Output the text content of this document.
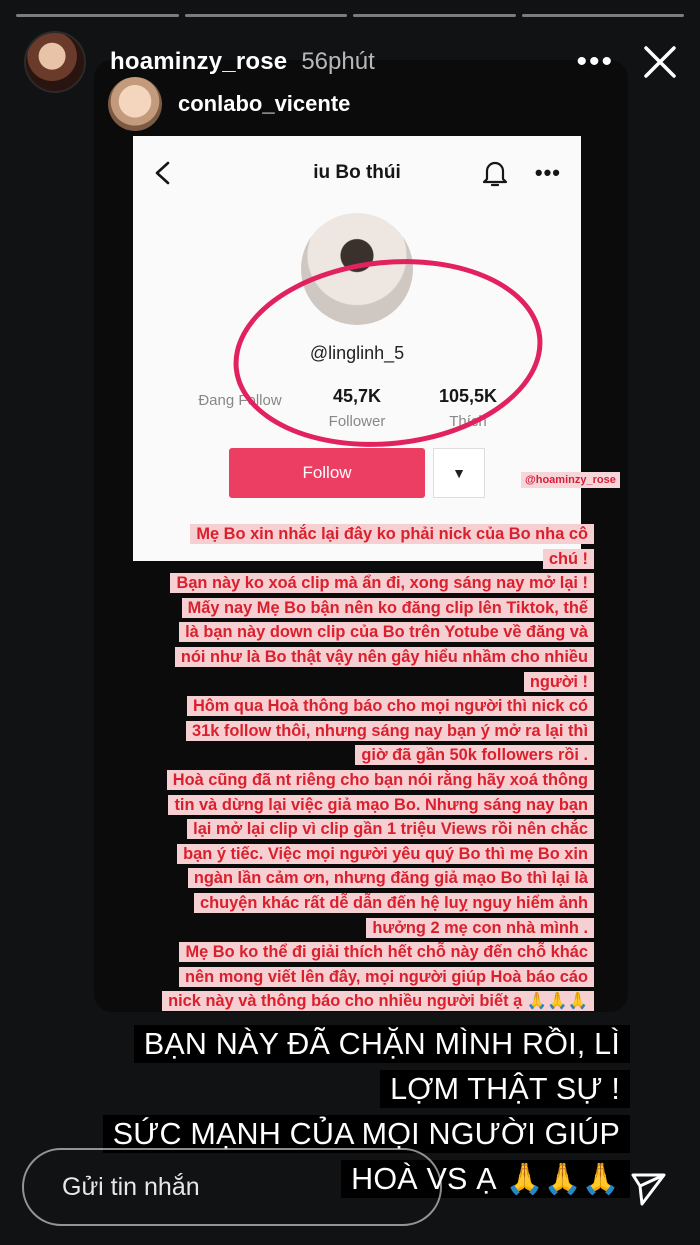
hoaminzy_rose 56phút	•••
conlabo_vicente
iu Bo thúi	•••
@linglinh_5
Đang Follow	45,7K
Follower
105,5K
Thích
Follow	▼	@hoaminzy_rose
Mẹ Bo xin nhắc lại đây ko phải nick của Bo nha cô
chú !
Bạn này ko xoá clip mà ẩn đi, xong sáng nay mở lại !
Mấy nay Mẹ Bo bận nên ko đăng clip lên Tiktok, thế
là bạn này down clip của Bo trên Yotube về đăng và
nói như là Bo thật vậy nên gây hiểu nhầm cho nhiều
người !
Hôm qua Hoà thông báo cho mọi người thì nick có
31k follow thôi, nhưng sáng nay bạn ý mở ra lại thì
giờ đã gần 50k followers rồi .
Hoà cũng đã nt riêng cho bạn nói rằng hãy xoá thông
tin và dừng lại việc giả mạo Bo. Nhưng sáng nay bạn
lại mở lại clip vì clip gần 1 triệu Views rồi nên chắc
bạn ý tiếc. Việc mọi người yêu quý Bo thì mẹ Bo xin
ngàn lần cảm ơn, nhưng đăng giả mạo Bo thì lại là
chuyện khác rất dễ dẫn đến hệ luỵ nguy hiểm ảnh
hưởng 2 mẹ con nhà mình .
Mẹ Bo ko thể đi giải thích hết chỗ này đến chỗ khác
nên mong viết lên đây, mọi người giúp Hoà báo cáo
nick này và thông báo cho nhiều người biết ạ 🙏🙏🙏
BẠN NÀY ĐÃ CHẶN MÌNH RỒI, LÌ
LỢM THẬT SỰ !
SỨC MẠNH CỦA MỌI NGƯỜI GIÚP
HOÀ VS Ạ 🙏🙏🙏
Gửi tin nhắn
